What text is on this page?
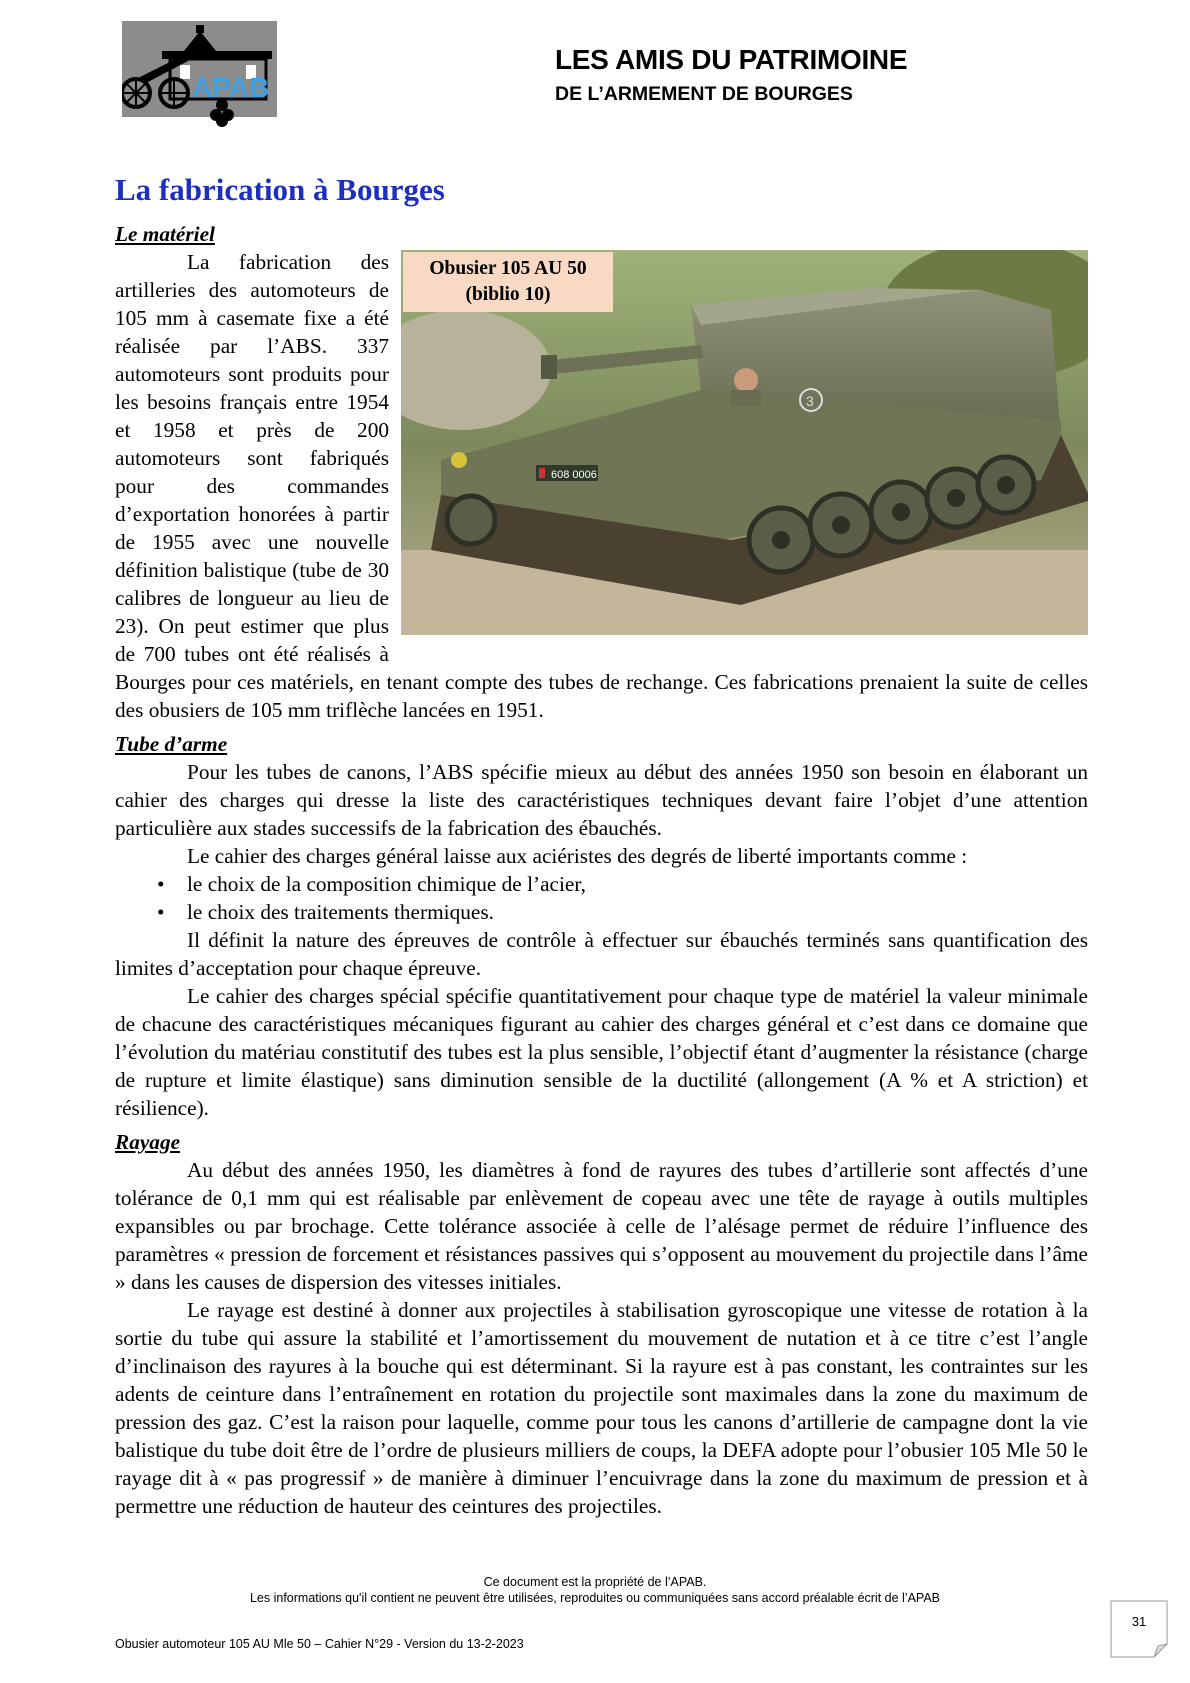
APAB
LES AMIS DU PATRIMOINE
DE L’ARMEMENT DE BOURGES
La fabrication à Bourges

Le matériel

608 0006
3
Obusier 105 AU 50
(biblio 10)

La fabrication des artilleries des automoteurs de 105 mm à casemate fixe a été réalisée par l’ABS. 337 automoteurs sont produits pour les besoins français entre 1954 et 1958 et près de 200 automoteurs sont fabriqués pour des commandes d’exportation honorées à partir de 1955 avec une nouvelle définition balistique (tube de 30 calibres de longueur au lieu de 23). On peut estimer que plus de 700 tubes ont été réalisés à Bourges pour ces matériels, en tenant compte des tubes de rechange. Ces fabrications prenaient la suite de celles des obusiers de 105 mm triflèche lancées en 1951.

Tube d’arme

Pour les tubes de canons, l’ABS spécifie mieux au début des années 1950 son besoin en élaborant un cahier des charges qui dresse la liste des caractéristiques techniques devant faire l’objet d’une attention particulière aux stades successifs de la fabrication des ébauchés.

Le cahier des charges général laisse aux aciéristes des degrés de liberté importants comme :

• le choix de la composition chimique de l’acier,
• le choix des traitements thermiques.

Il définit la nature des épreuves de contrôle à effectuer sur ébauchés terminés sans quantification des limites d’acceptation pour chaque épreuve.

Le cahier des charges spécial spécifie quantitativement pour chaque type de matériel la valeur minimale de chacune des caractéristiques mécaniques figurant au cahier des charges général et c’est dans ce domaine que l’évolution du matériau constitutif des tubes est la plus sensible, l’objectif étant d’augmenter la résistance (charge de rupture et limite élastique) sans diminution sensible de la ductilité (allongement (A % et A striction) et résilience).

Rayage

Au début des années 1950, les diamètres à fond de rayures des tubes d’artillerie sont affectés d’une tolérance de 0,1 mm qui est réalisable par enlèvement de copeau avec une tête de rayage à outils multiples expansibles ou par brochage. Cette tolérance associée à celle de l’alésage permet de réduire l’influence des paramètres « pression de forcement et résistances passives qui s’opposent au mouvement du projectile dans l’âme » dans les causes de dispersion des vitesses initiales.

Le rayage est destiné à donner aux projectiles à stabilisation gyroscopique une vitesse de rotation à la sortie du tube qui assure la stabilité et l’amortissement du mouvement de nutation et à ce titre c’est l’angle d’inclinaison des rayures à la bouche qui est déterminant. Si la rayure est à pas constant, les contraintes sur les adents de ceinture dans l’entraînement en rotation du projectile sont maximales dans la zone du maximum de pression des gaz. C’est la raison pour laquelle, comme pour tous les canons d’artillerie de campagne dont la vie balistique du tube doit être de l’ordre de plusieurs milliers de coups, la DEFA adopte pour l’obusier 105 Mle 50 le rayage dit à « pas progressif » de manière à diminuer l’encuivrage dans la zone du maximum de pression et à permettre une réduction de hauteur des ceintures des projectiles.

Ce document est la propriété de l’APAB.
Les informations qu'il contient ne peuvent être utilisées, reproduites ou communiquées sans accord préalable écrit de l’APAB
Obusier automoteur 105 AU Mle 50 – Cahier N°29 - Version du 13-2-2023
31
